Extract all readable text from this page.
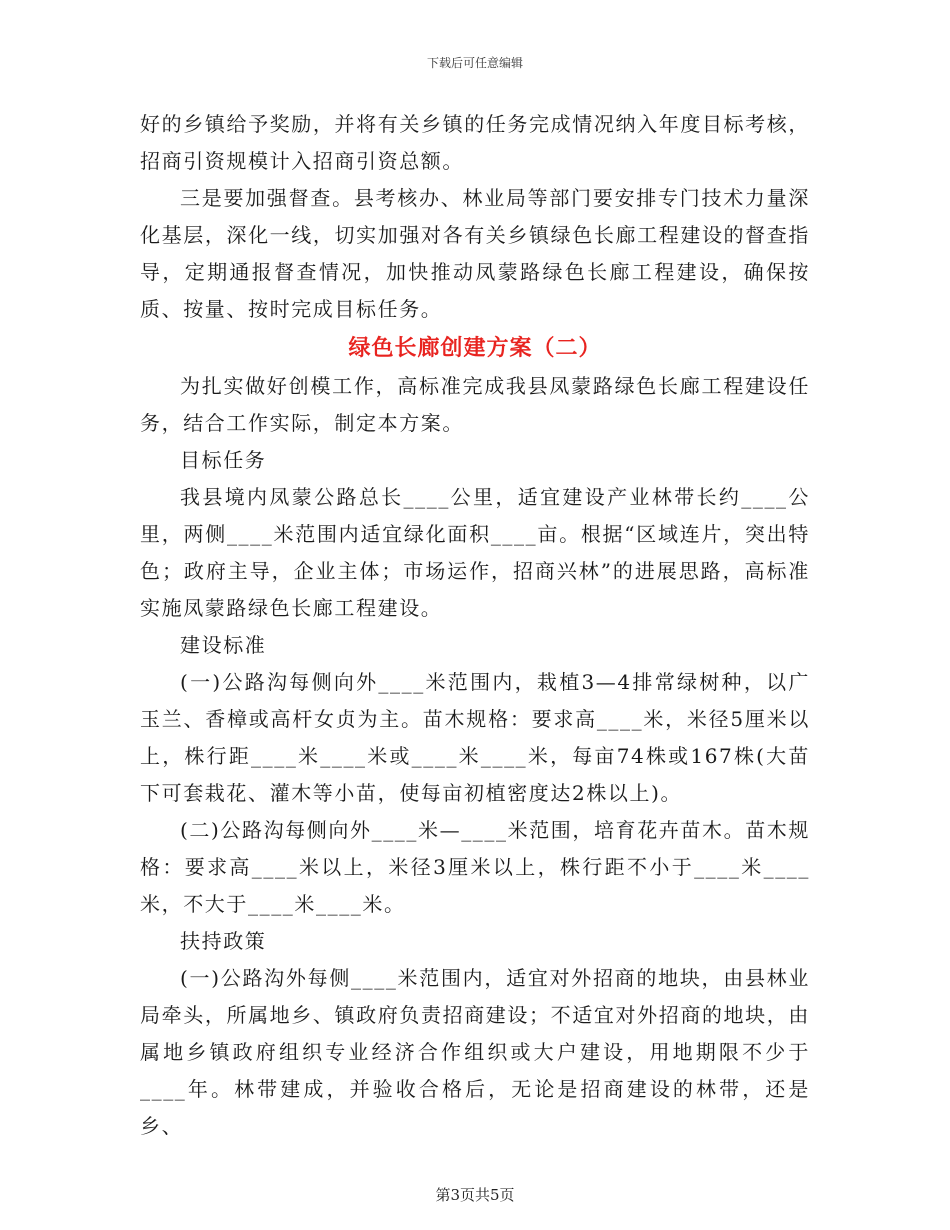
下载后可任意编辑

好的乡镇给予奖励，并将有关乡镇的任务完成情况纳入年度目标考核，招商引资规模计入招商引资总额。

三是要加强督查。县考核办、林业局等部门要安排专门技术力量深化基层，深化一线，切实加强对各有关乡镇绿色长廊工程建设的督查指导，定期通报督查情况，加快推动凤蒙路绿色长廊工程建设，确保按质、按量、按时完成目标任务。

绿色长廊创建方案（二）

为扎实做好创模工作，高标准完成我县凤蒙路绿色长廊工程建设任务，结合工作实际，制定本方案。

目标任务

我县境内凤蒙公路总长____公里，适宜建设产业林带长约____公里，两侧____米范围内适宜绿化面积____亩。根据“区域连片，突出特色；政府主导，企业主体；市场运作，招商兴林”的进展思路，高标准实施凤蒙路绿色长廊工程建设。

建设标准

(一)公路沟每侧向外____米范围内，栽植3—4排常绿树种，以广玉兰、香樟或高杆女贞为主。苗木规格：要求高____米，米径5厘米以上，株行距____米____米或____米____米，每亩74株或167株(大苗下可套栽花、灌木等小苗，使每亩初植密度达2株以上)。

(二)公路沟每侧向外____米—____米范围，培育花卉苗木。苗木规格：要求高____米以上，米径3厘米以上，株行距不小于____米____米，不大于____米____米。

扶持政策

(一)公路沟外每侧____米范围内，适宜对外招商的地块，由县林业局牵头，所属地乡、镇政府负责招商建设；不适宜对外招商的地块，由属地乡镇政府组织专业经济合作组织或大户建设，用地期限不少于____年。林带建成，并验收合格后，无论是招商建设的林带，还是乡、

第3页共5页
